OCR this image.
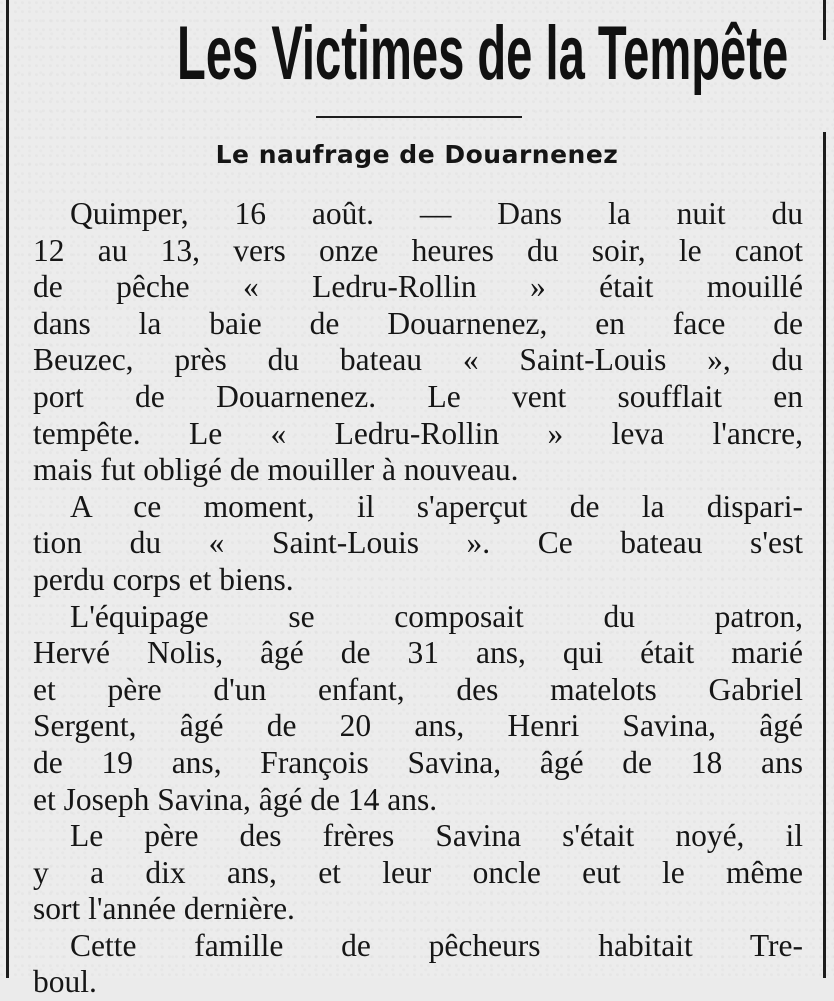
Les Victimes de la Tempête
Le naufrage de Douarnenez
Quimper, 16 août. — Dans la nuit du
12 au 13, vers onze heures du soir, le canot
de pêche « Ledru-Rollin » était mouillé
dans la baie de Douarnenez, en face de
Beuzec, près du bateau « Saint-Louis », du
port de Douarnenez. Le vent soufflait en
tempête. Le « Ledru-Rollin » leva l'ancre,
mais fut obligé de mouiller à nouveau.
A ce moment, il s'aperçut de la dispari-
tion du « Saint-Louis ». Ce bateau s'est
perdu corps et biens.
L'équipage se composait du patron,
Hervé Nolis, âgé de 31 ans, qui était marié
et père d'un enfant, des matelots Gabriel
Sergent, âgé de 20 ans, Henri Savina, âgé
de 19 ans, François Savina, âgé de 18 ans
et Joseph Savina, âgé de 14 ans.
Le père des frères Savina s'était noyé, il
y a dix ans, et leur oncle eut le même
sort l'année dernière.
Cette famille de pêcheurs habitait Tre-
boul.
